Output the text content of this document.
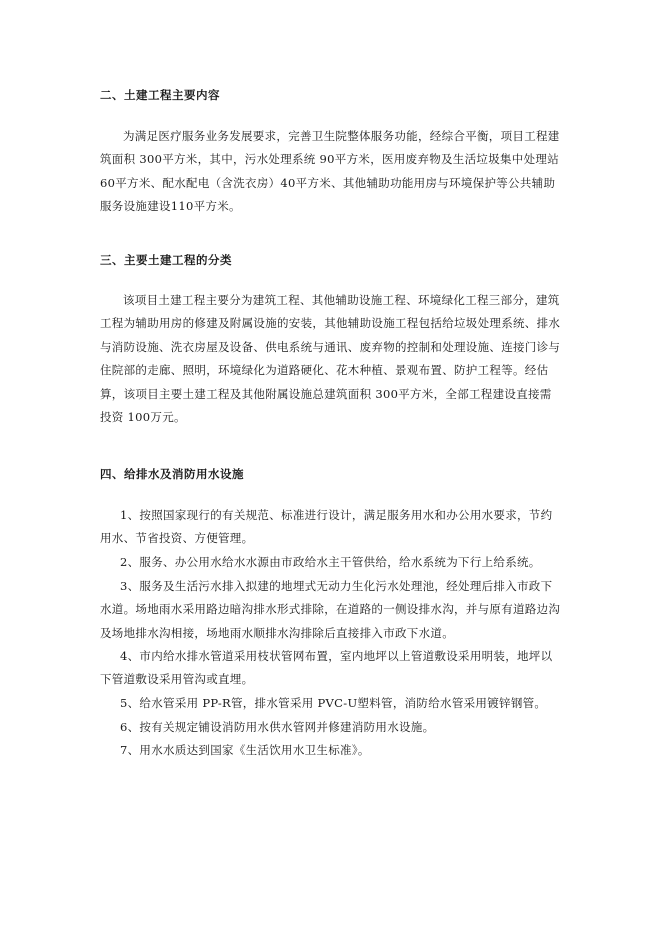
二、土建工程主要内容

为满足医疗服务业务发展要求，完善卫生院整体服务功能，经综合平衡，项目工程建筑面积 300平方米，其中，污水处理系统 90平方米，医用废弃物及生活垃圾集中处理站 60平方米、配水配电（含洗衣房）40平方米、其他辅助功能用房与环境保护等公共辅助服务设施建设110平方米。

三、主要土建工程的分类

该项目土建工程主要分为建筑工程、其他辅助设施工程、环境绿化工程三部分，建筑工程为辅助用房的修建及附属设施的安装，其他辅助设施工程包括给垃圾处理系统、排水与消防设施、洗衣房屋及设备、供电系统与通讯、废弃物的控制和处理设施、连接门诊与住院部的走廊、照明，环境绿化为道路硬化、花木种植、景观布置、防护工程等。经估算，该项目主要土建工程及其他附属设施总建筑面积 300平方米，全部工程建设直接需投资 100万元。

四、给排水及消防用水设施

1、按照国家现行的有关规范、标准进行设计，满足服务用水和办公用水要求，节约用水、节省投资、方便管理。

2、服务、办公用水给水水源由市政给水主干管供给，给水系统为下行上给系统。

3、服务及生活污水排入拟建的地埋式无动力生化污水处理池，经处理后排入市政下水道。场地雨水采用路边暗沟排水形式排除，在道路的一侧设排水沟，并与原有道路边沟及场地排水沟相接，场地雨水顺排水沟排除后直接排入市政下水道。

4、市内给水排水管道采用枝状管网布置，室内地坪以上管道敷设采用明装，地坪以下管道敷设采用管沟或直埋。

5、给水管采用 PP-R管，排水管采用 PVC-U塑料管，消防给水管采用镀锌钢管。

6、按有关规定铺设消防用水供水管网并修建消防用水设施。

7、用水水质达到国家《生活饮用水卫生标准》。
